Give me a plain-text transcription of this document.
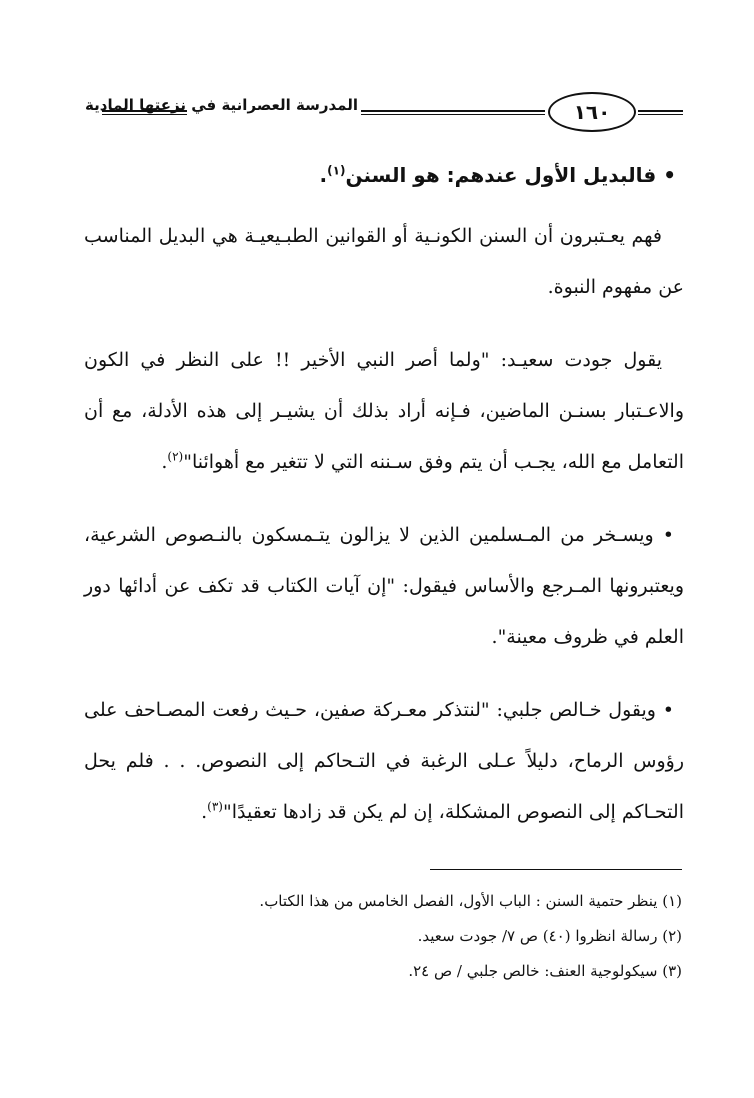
المدرسة العصرانية في نزعتها المادية	١٦٠

• فالبديل الأول عندهم: هو السنن$^{(١)}$.

فهم يعـتبرون أن السنن الكونـية أو القوانين الطبـيعيـة هي البديل المناسب عن مفهوم النبوة.

يقول جودت سعيـد: "ولما أصر النبي الأخير !! على النظر في الكون والاعـتبار بسنـن الماضين، فـإنه أراد بذلك أن يشيـر إلى هذه الأدلة، مع أن التعامل مع الله، يجـب أن يتم وفق سـننه التي لا تتغير مع أهوائنا"$^{(٢)}$.

• ويسـخر من المـسلمين الذين لا يزالون يتـمسكون بالنـصوص الشرعية، ويعتبرونها المـرجع والأساس فيقول: "إن آيات الكتاب قد تكف عن أدائها دور العلم في ظروف معينة".

• ويقول خـالص جلبي: "لنتذكر معـركة صفين، حـيث رفعت المصـاحف على رؤوس الرماح، دليلاً عـلى الرغبة في التـحاكم إلى النصوص. . . فلم يحل التحـاكم إلى النصوص المشكلة، إن لم يكن قد زادها تعقيدًا"$^{(٣)}$.

(١) ينظر حتمية السنن : الباب الأول، الفصل الخامس من هذا الكتاب.

(٢) رسالة انظروا (٤٠) ص ٧/ جودت سعيد.

(٣) سيكولوجية العنف: خالص جلبي / ص ٢٤.
